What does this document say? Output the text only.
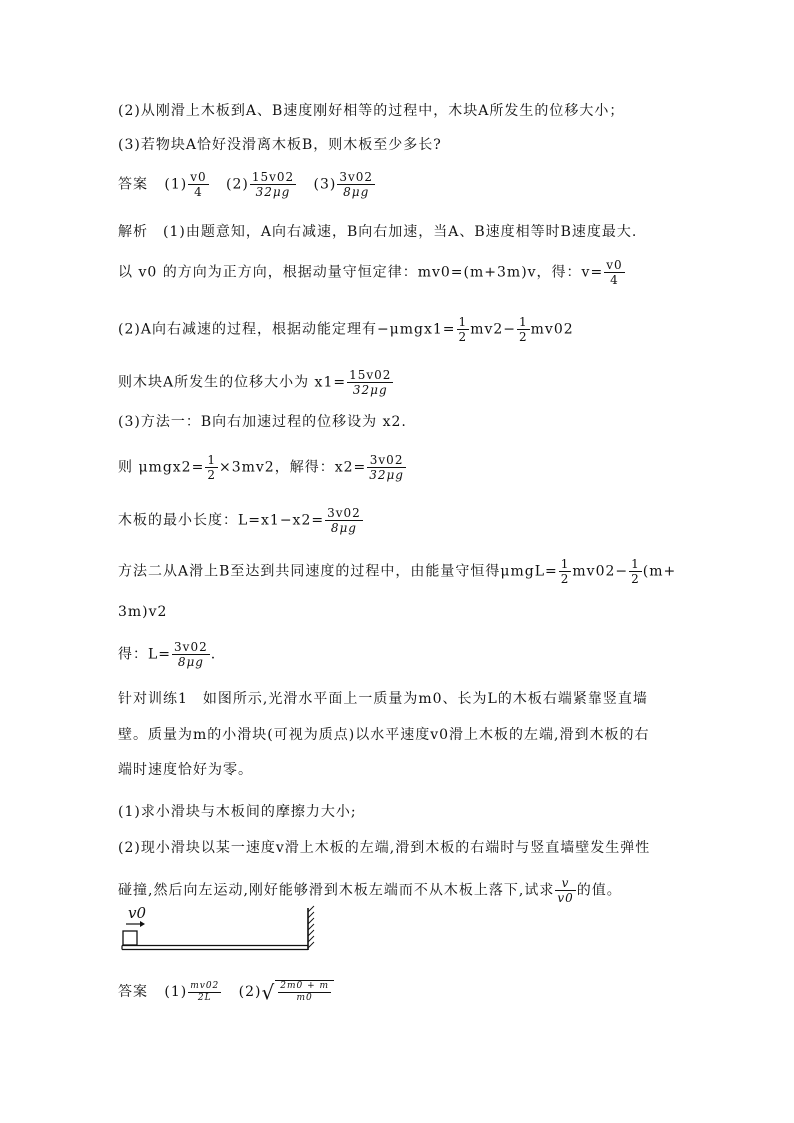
(2)从刚滑上木板到A、B速度刚好相等的过程中，木块A所发生的位移大小；
(3)若物块A恰好没滑离木板B，则木板至少多长?
答案 $(1) \frac{v0}{4} (2) \frac{15v02}{32\mu g} (3) \frac{3v02}{8\mu g}$
解析　(1)由题意知，A向右减速，B向右加速，当A、B速度相等时B速度最大.
以 v0 的方向为正方向，根据动量守恒定律：mv0=(m+3m)v，得：$v= \frac{v0}{4}$
(2)A向右减速的过程，根据动能定理有$-\mu mgx1= \frac{1}{2} mv2- \frac{1}{2} mv02$
则木块A所发生的位移大小为 $x1= \frac{15v02}{32\mu g}$
(3)方法一：B向右加速过程的位移设为 x2.
则 $\mu mgx2= \frac{1}{2} \times 3mv2$，解得：$x2= \frac{3v02}{32\mu g}$
木板的最小长度：$L=x1-x2= \frac{3v02}{8\mu g}$
方法二从A滑上B至达到共同速度的过程中，由能量守恒得$\mu mgL= \frac{1}{2} mv02- \frac{1}{2} (m+$
3m)v2
得：$L= \frac{3v02}{8\mu g}$ .
针对训练1　如图所示,光滑水平面上一质量为m0、长为L的木板右端紧靠竖直墙
壁。质量为m的小滑块(可视为质点)以水平速度v0滑上木板的左端,滑到木板的右
端时速度恰好为零。
(1)求小滑块与木板间的摩擦力大小;
(2)现小滑块以某一速度v滑上木板的左端,滑到木板的右端时与竖直墙壁发生弹性
碰撞,然后向左运动,刚好能够滑到木板左端而不从木板上落下,试求 $\frac{v}{v0}$ 的值。
v0
答案 $(1) \frac{mv02}{2L} (2)√ \frac{2m0 + m}{m0}$
